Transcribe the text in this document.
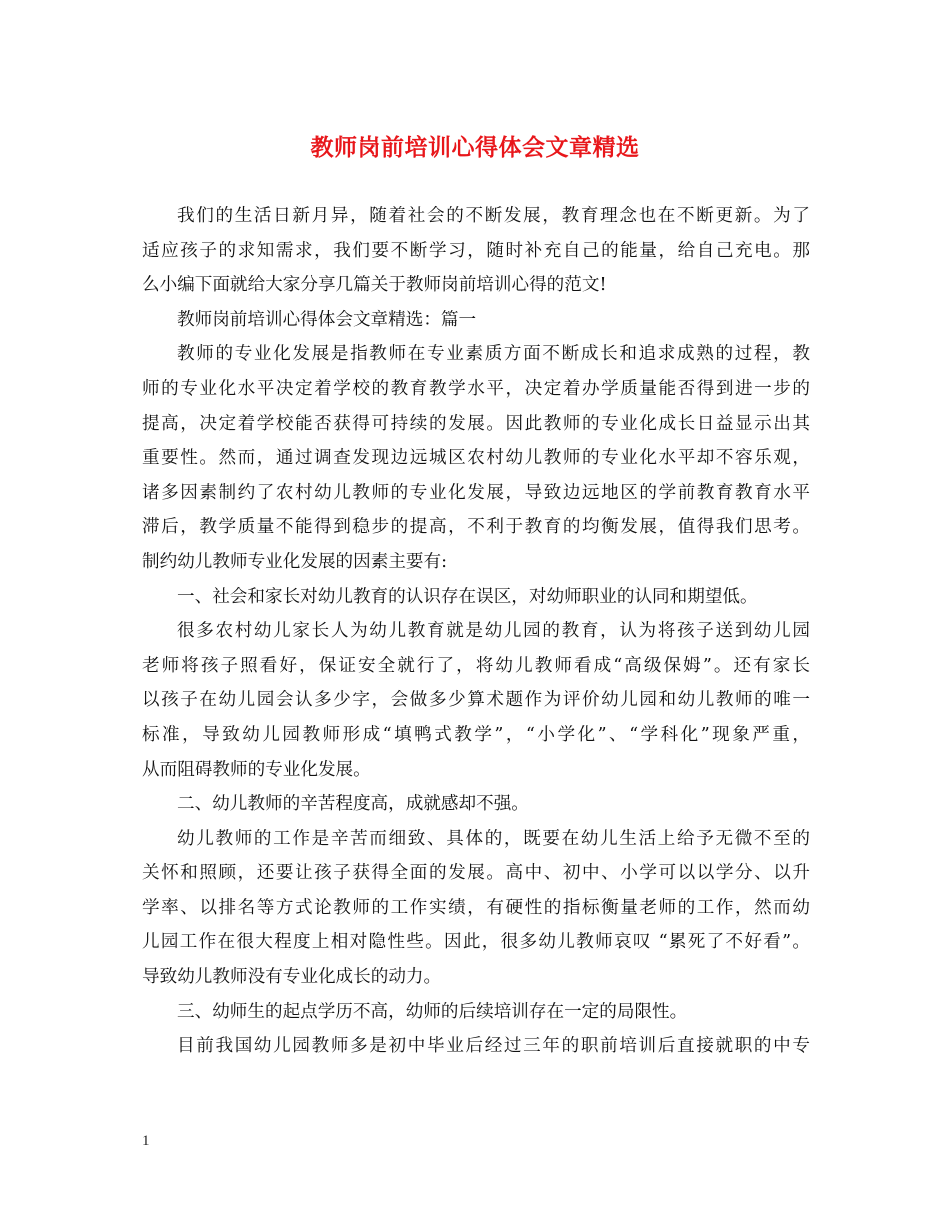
教师岗前培训心得体会文章精选
我们的生活日新月异，随着社会的不断发展，教育理念也在不断更新。为了
适应孩子的求知需求，我们要不断学习，随时补充自己的能量，给自己充电。那
么小编下面就给大家分享几篇关于教师岗前培训心得的范文!
教师岗前培训心得体会文章精选：篇一
教师的专业化发展是指教师在专业素质方面不断成长和追求成熟的过程，教
师的专业化水平决定着学校的教育教学水平，决定着办学质量能否得到进一步的
提高，决定着学校能否获得可持续的发展。因此教师的专业化成长日益显示出其
重要性。然而，通过调查发现边远城区农村幼儿教师的专业化水平却不容乐观，
诸多因素制约了农村幼儿教师的专业化发展，导致边远地区的学前教育教育水平
滞后，教学质量不能得到稳步的提高，不利于教育的均衡发展，值得我们思考。
制约幼儿教师专业化发展的因素主要有:
一、社会和家长对幼儿教育的认识存在误区，对幼师职业的认同和期望低。
很多农村幼儿家长人为幼儿教育就是幼儿园的教育，认为将孩子送到幼儿园
老师将孩子照看好，保证安全就行了，将幼儿教师看成“高级保姆”。还有家长
以孩子在幼儿园会认多少字，会做多少算术题作为评价幼儿园和幼儿教师的唯一
标准，导致幼儿园教师形成“填鸭式教学”，“小学化”、“学科化”现象严重，
从而阻碍教师的专业化发展。
二、幼儿教师的辛苦程度高，成就感却不强。
幼儿教师的工作是辛苦而细致、具体的，既要在幼儿生活上给予无微不至的
关怀和照顾，还要让孩子获得全面的发展。高中、初中、小学可以以学分、以升
学率、以排名等方式论教师的工作实绩，有硬性的指标衡量老师的工作，然而幼
儿园工作在很大程度上相对隐性些。因此，很多幼儿教师哀叹 “累死了不好看”。
导致幼儿教师没有专业化成长的动力。
三、幼师生的起点学历不高，幼师的后续培训存在一定的局限性。
目前我国幼儿园教师多是初中毕业后经过三年的职前培训后直接就职的中专
1
